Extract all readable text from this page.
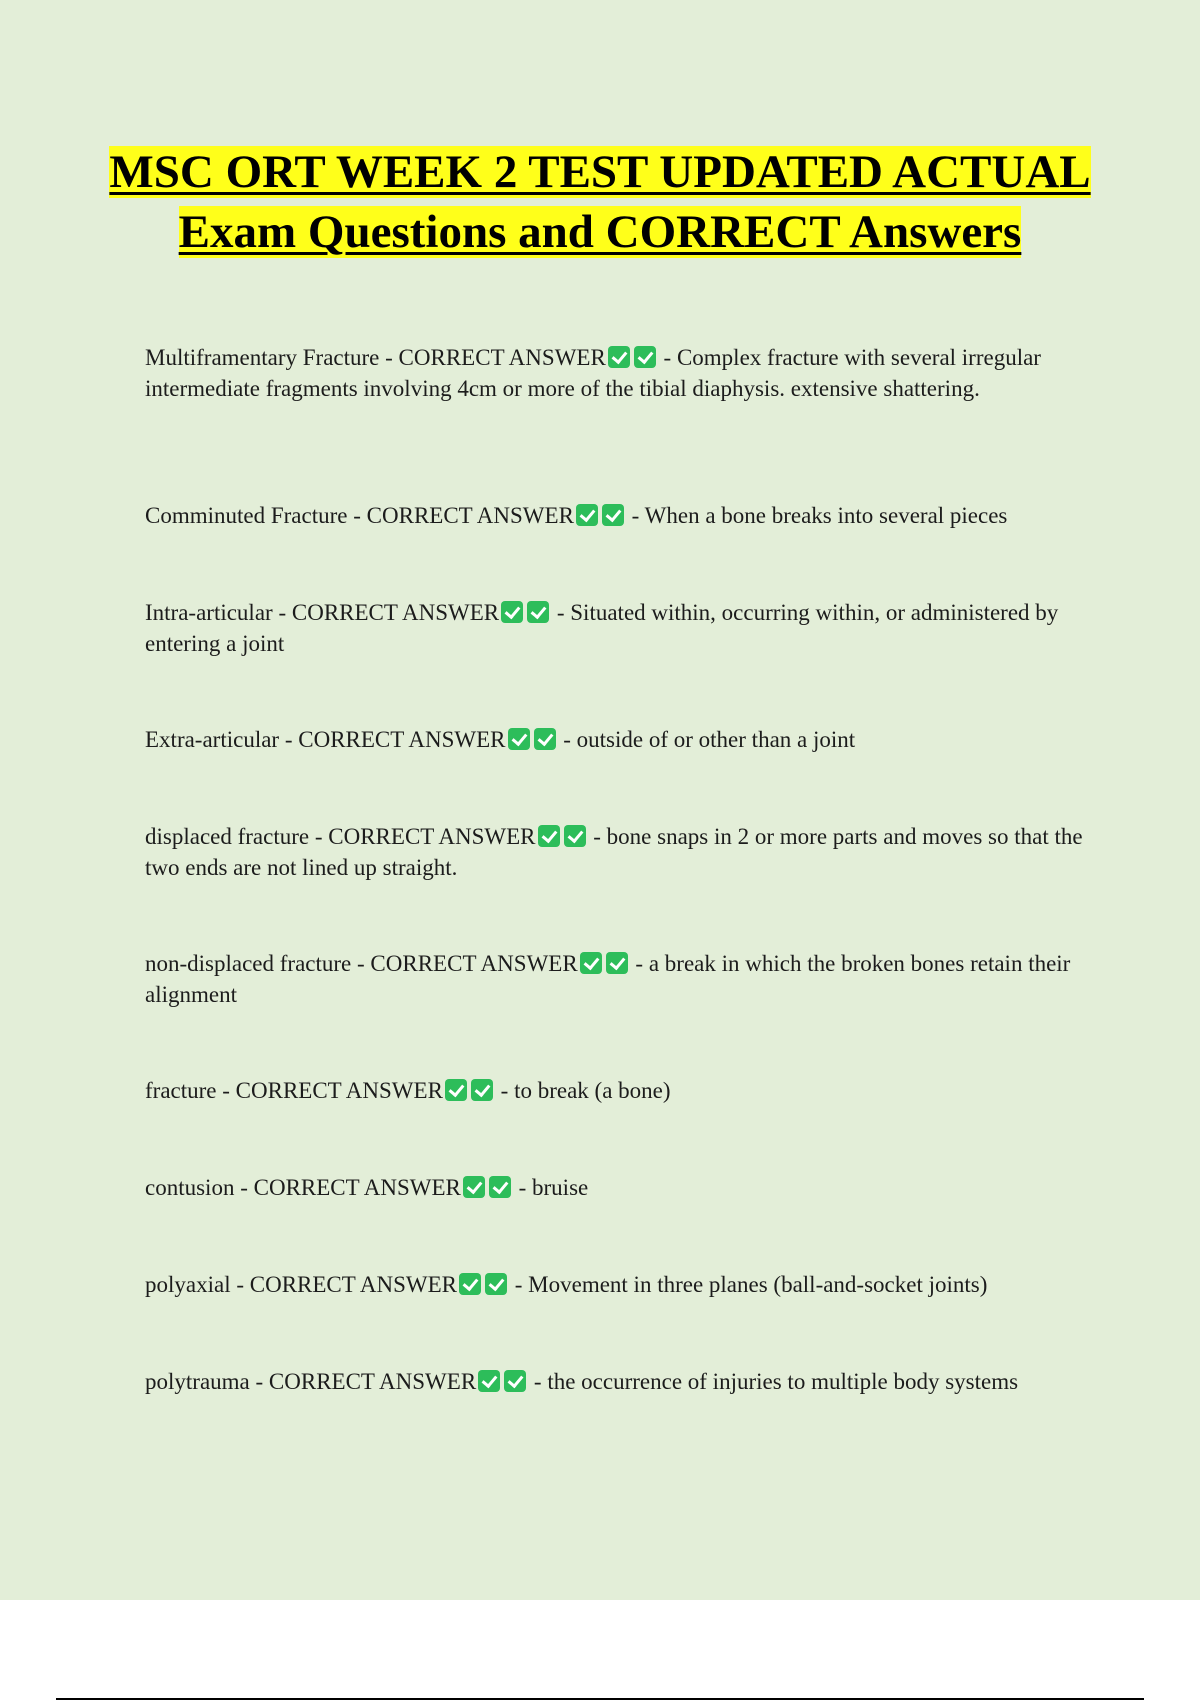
MSC ORT WEEK 2 TEST UPDATED ACTUAL Exam Questions and CORRECT Answers
Multiframentary Fracture - CORRECT ANSWER	- Complex fracture with several irregular intermediate fragments involving 4cm or more of the tibial diaphysis. extensive shattering.
Comminuted Fracture - CORRECT ANSWER	- When a bone breaks into several pieces
Intra-articular - CORRECT ANSWER	- Situated within, occurring within, or administered by entering a joint
Extra-articular - CORRECT ANSWER	- outside of or other than a joint
displaced fracture - CORRECT ANSWER	- bone snaps in 2 or more parts and moves so that the two ends are not lined up straight.
non-displaced fracture - CORRECT ANSWER	- a break in which the broken bones retain their alignment
fracture - CORRECT ANSWER	- to break (a bone)
contusion - CORRECT ANSWER	- bruise
polyaxial - CORRECT ANSWER	- Movement in three planes (ball-and-socket joints)
polytrauma - CORRECT ANSWER	- the occurrence of injuries to multiple body systems
